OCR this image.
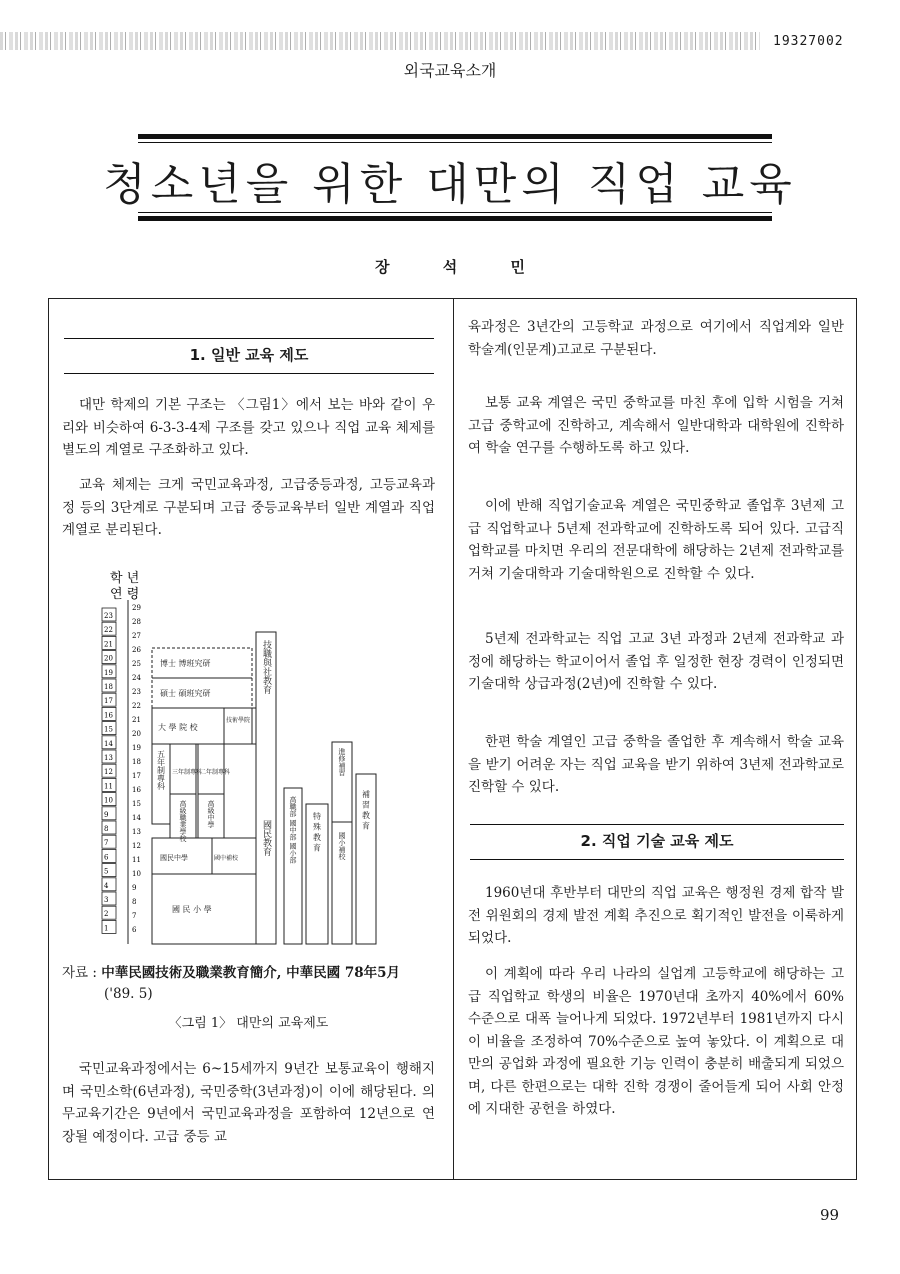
19327002
외국교육소개
청소년을 위한 대만의 직업 교육
장 석 민
1. 일반 교육 제도
대만 학제의 기본 구조는 〈그림1〉에서 보는 바와 같이 우리와 비슷하여 6-3-3-4제 구조를 갖고 있으나 직업 교육 체제를 별도의 계열로 구조화하고 있다.
교육 체제는 크게 국민교육과정, 고급중등과정, 고등교육과정 등의 3단계로 구분되며 고급 중등교육부터 일반 계열과 직업 계열로 분리된다.
학 년
연 령
23
22
21
20
19
18
17
16
15
14
13
12
11
10
9
8
7
6
5
4
3
2
1
29
28
27
26
25
24
23
22
21
20
19
18
17
16
15
14
13
12
11
10
9
8
7
6
博士 博班究研
碩士 碩班究研
大 學 院 校
技術學院
三年制專科
二年制專科
國民中學	國中補校
國 民 小 學
五年制專科
高級職業學校	高級中學
技職與社教育
國民教育	高職部 國中部 國小部 特 殊 教 育
進修補習
國小補校
補 習 教 育
자료 : 中華民國技術及職業教育簡介, 中華民國 78年5月
('89. 5)
〈그림 1〉 대만의 교육제도
국민교육과정에서는 6~15세까지 9년간 보통교육이 행해지며 국민소학(6년과정), 국민중학(3년과정)이 이에 해당된다. 의무교육기간은 9년에서 국민교육과정을 포함하여 12년으로 연장될 예정이다. 고급 중등 교
육과정은 3년간의 고등학교 과정으로 여기에서 직업계와 일반 학술계(인문계)고교로 구분된다.
보통 교육 계열은 국민 중학교를 마친 후에 입학 시험을 거쳐 고급 중학교에 진학하고, 계속해서 일반대학과 대학원에 진학하여 학술 연구를 수행하도록 하고 있다.
이에 반해 직업기술교육 계열은 국민중학교 졸업후 3년제 고급 직업학교나 5년제 전과학교에 진학하도록 되어 있다. 고급직업학교를 마치면 우리의 전문대학에 해당하는 2년제 전과학교를 거쳐 기술대학과 기술대학원으로 진학할 수 있다.
5년제 전과학교는 직업 고교 3년 과정과 2년제 전과학교 과정에 해당하는 학교이어서 졸업 후 일정한 현장 경력이 인정되면 기술대학 상급과정(2년)에 진학할 수 있다.
한편 학술 계열인 고급 중학을 졸업한 후 계속해서 학술 교육을 받기 어려운 자는 직업 교육을 받기 위하여 3년제 전과학교로 진학할 수 있다.
2. 직업 기술 교육 제도
1960년대 후반부터 대만의 직업 교육은 행정원 경제 합작 발전 위원회의 경제 발전 계획 추진으로 획기적인 발전을 이룩하게 되었다.
이 계획에 따라 우리 나라의 실업계 고등학교에 해당하는 고급 직업학교 학생의 비율은 1970년대 초까지 40%에서 60% 수준으로 대폭 늘어나게 되었다. 1972년부터 1981년까지 다시 이 비율을 조정하여 70%수준으로 높여 놓았다. 이 계획으로 대만의 공업화 과정에 필요한 기능 인력이 충분히 배출되게 되었으며, 다른 한편으로는 대학 진학 경쟁이 줄어들게 되어 사회 안정에 지대한 공헌을 하였다.
99
